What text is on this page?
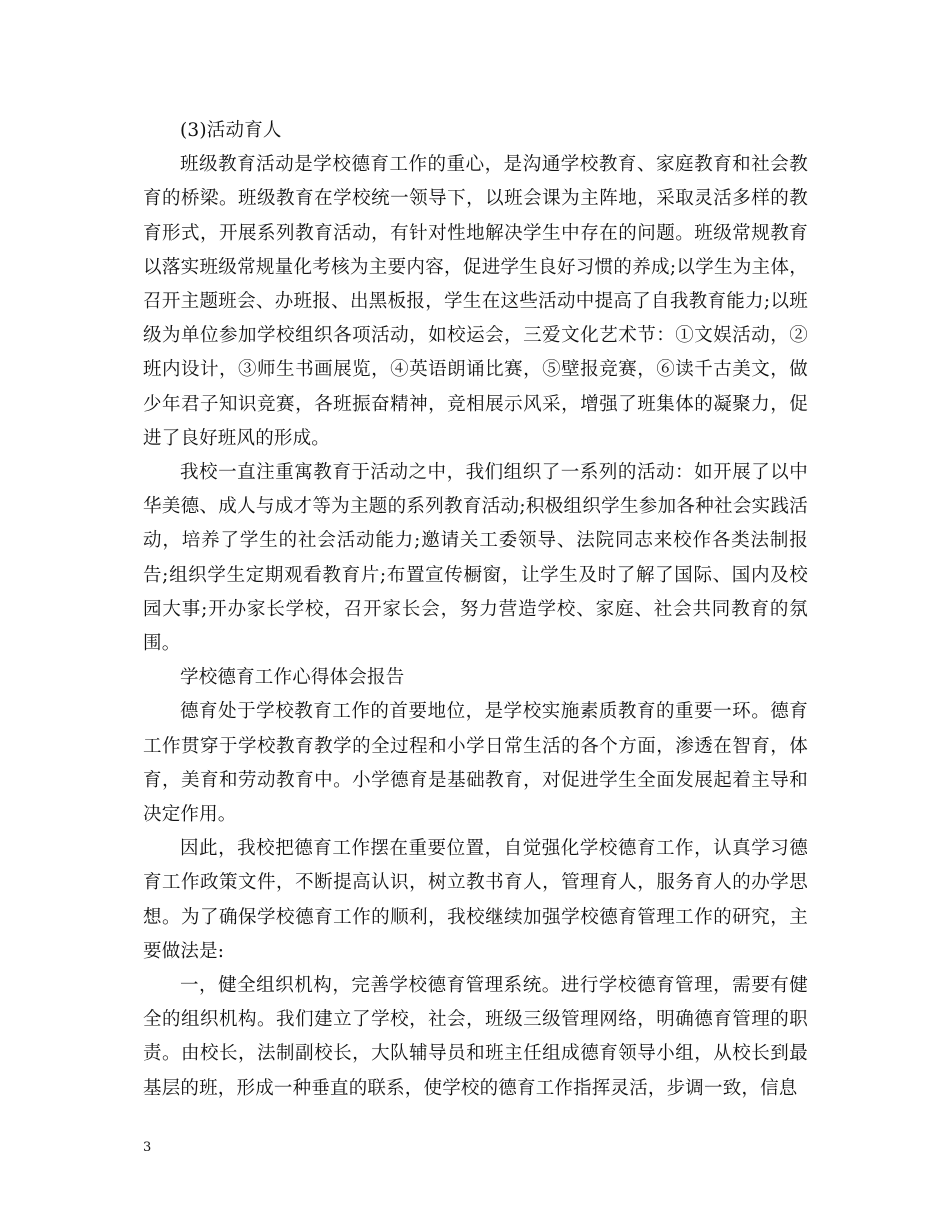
(3)活动育人

班级教育活动是学校德育工作的重心，是沟通学校教育、家庭教育和社会教育的桥梁。班级教育在学校统一领导下，以班会课为主阵地，采取灵活多样的教育形式，开展系列教育活动，有针对性地解决学生中存在的问题。班级常规教育以落实班级常规量化考核为主要内容，促进学生良好习惯的养成;以学生为主体，召开主题班会、办班报、出黑板报，学生在这些活动中提高了自我教育能力;以班级为单位参加学校组织各项活动，如校运会，三爱文化艺术节：①文娱活动，②班内设计，③师生书画展览，④英语朗诵比赛，⑤壁报竞赛，⑥读千古美文，做少年君子知识竞赛，各班振奋精神，竞相展示风采，增强了班集体的凝聚力，促进了良好班风的形成。

我校一直注重寓教育于活动之中，我们组织了一系列的活动：如开展了以中华美德、成人与成才等为主题的系列教育活动;积极组织学生参加各种社会实践活动，培养了学生的社会活动能力;邀请关工委领导、法院同志来校作各类法制报告;组织学生定期观看教育片;布置宣传橱窗，让学生及时了解了国际、国内及校园大事;开办家长学校，召开家长会，努力营造学校、家庭、社会共同教育的氛围。

学校德育工作心得体会报告

德育处于学校教育工作的首要地位，是学校实施素质教育的重要一环。德育工作贯穿于学校教育教学的全过程和小学日常生活的各个方面，渗透在智育，体育，美育和劳动教育中。小学德育是基础教育，对促进学生全面发展起着主导和决定作用。

因此，我校把德育工作摆在重要位置，自觉强化学校德育工作，认真学习德育工作政策文件，不断提高认识，树立教书育人，管理育人，服务育人的办学思想。为了确保学校德育工作的顺利，我校继续加强学校德育管理工作的研究，主要做法是:

一，健全组织机构，完善学校德育管理系统。进行学校德育管理，需要有健全的组织机构。我们建立了学校，社会，班级三级管理网络，明确德育管理的职责。由校长，法制副校长，大队辅导员和班主任组成德育领导小组，从校长到最基层的班，形成一种垂直的联系，使学校的德育工作指挥灵活，步调一致，信息

3
